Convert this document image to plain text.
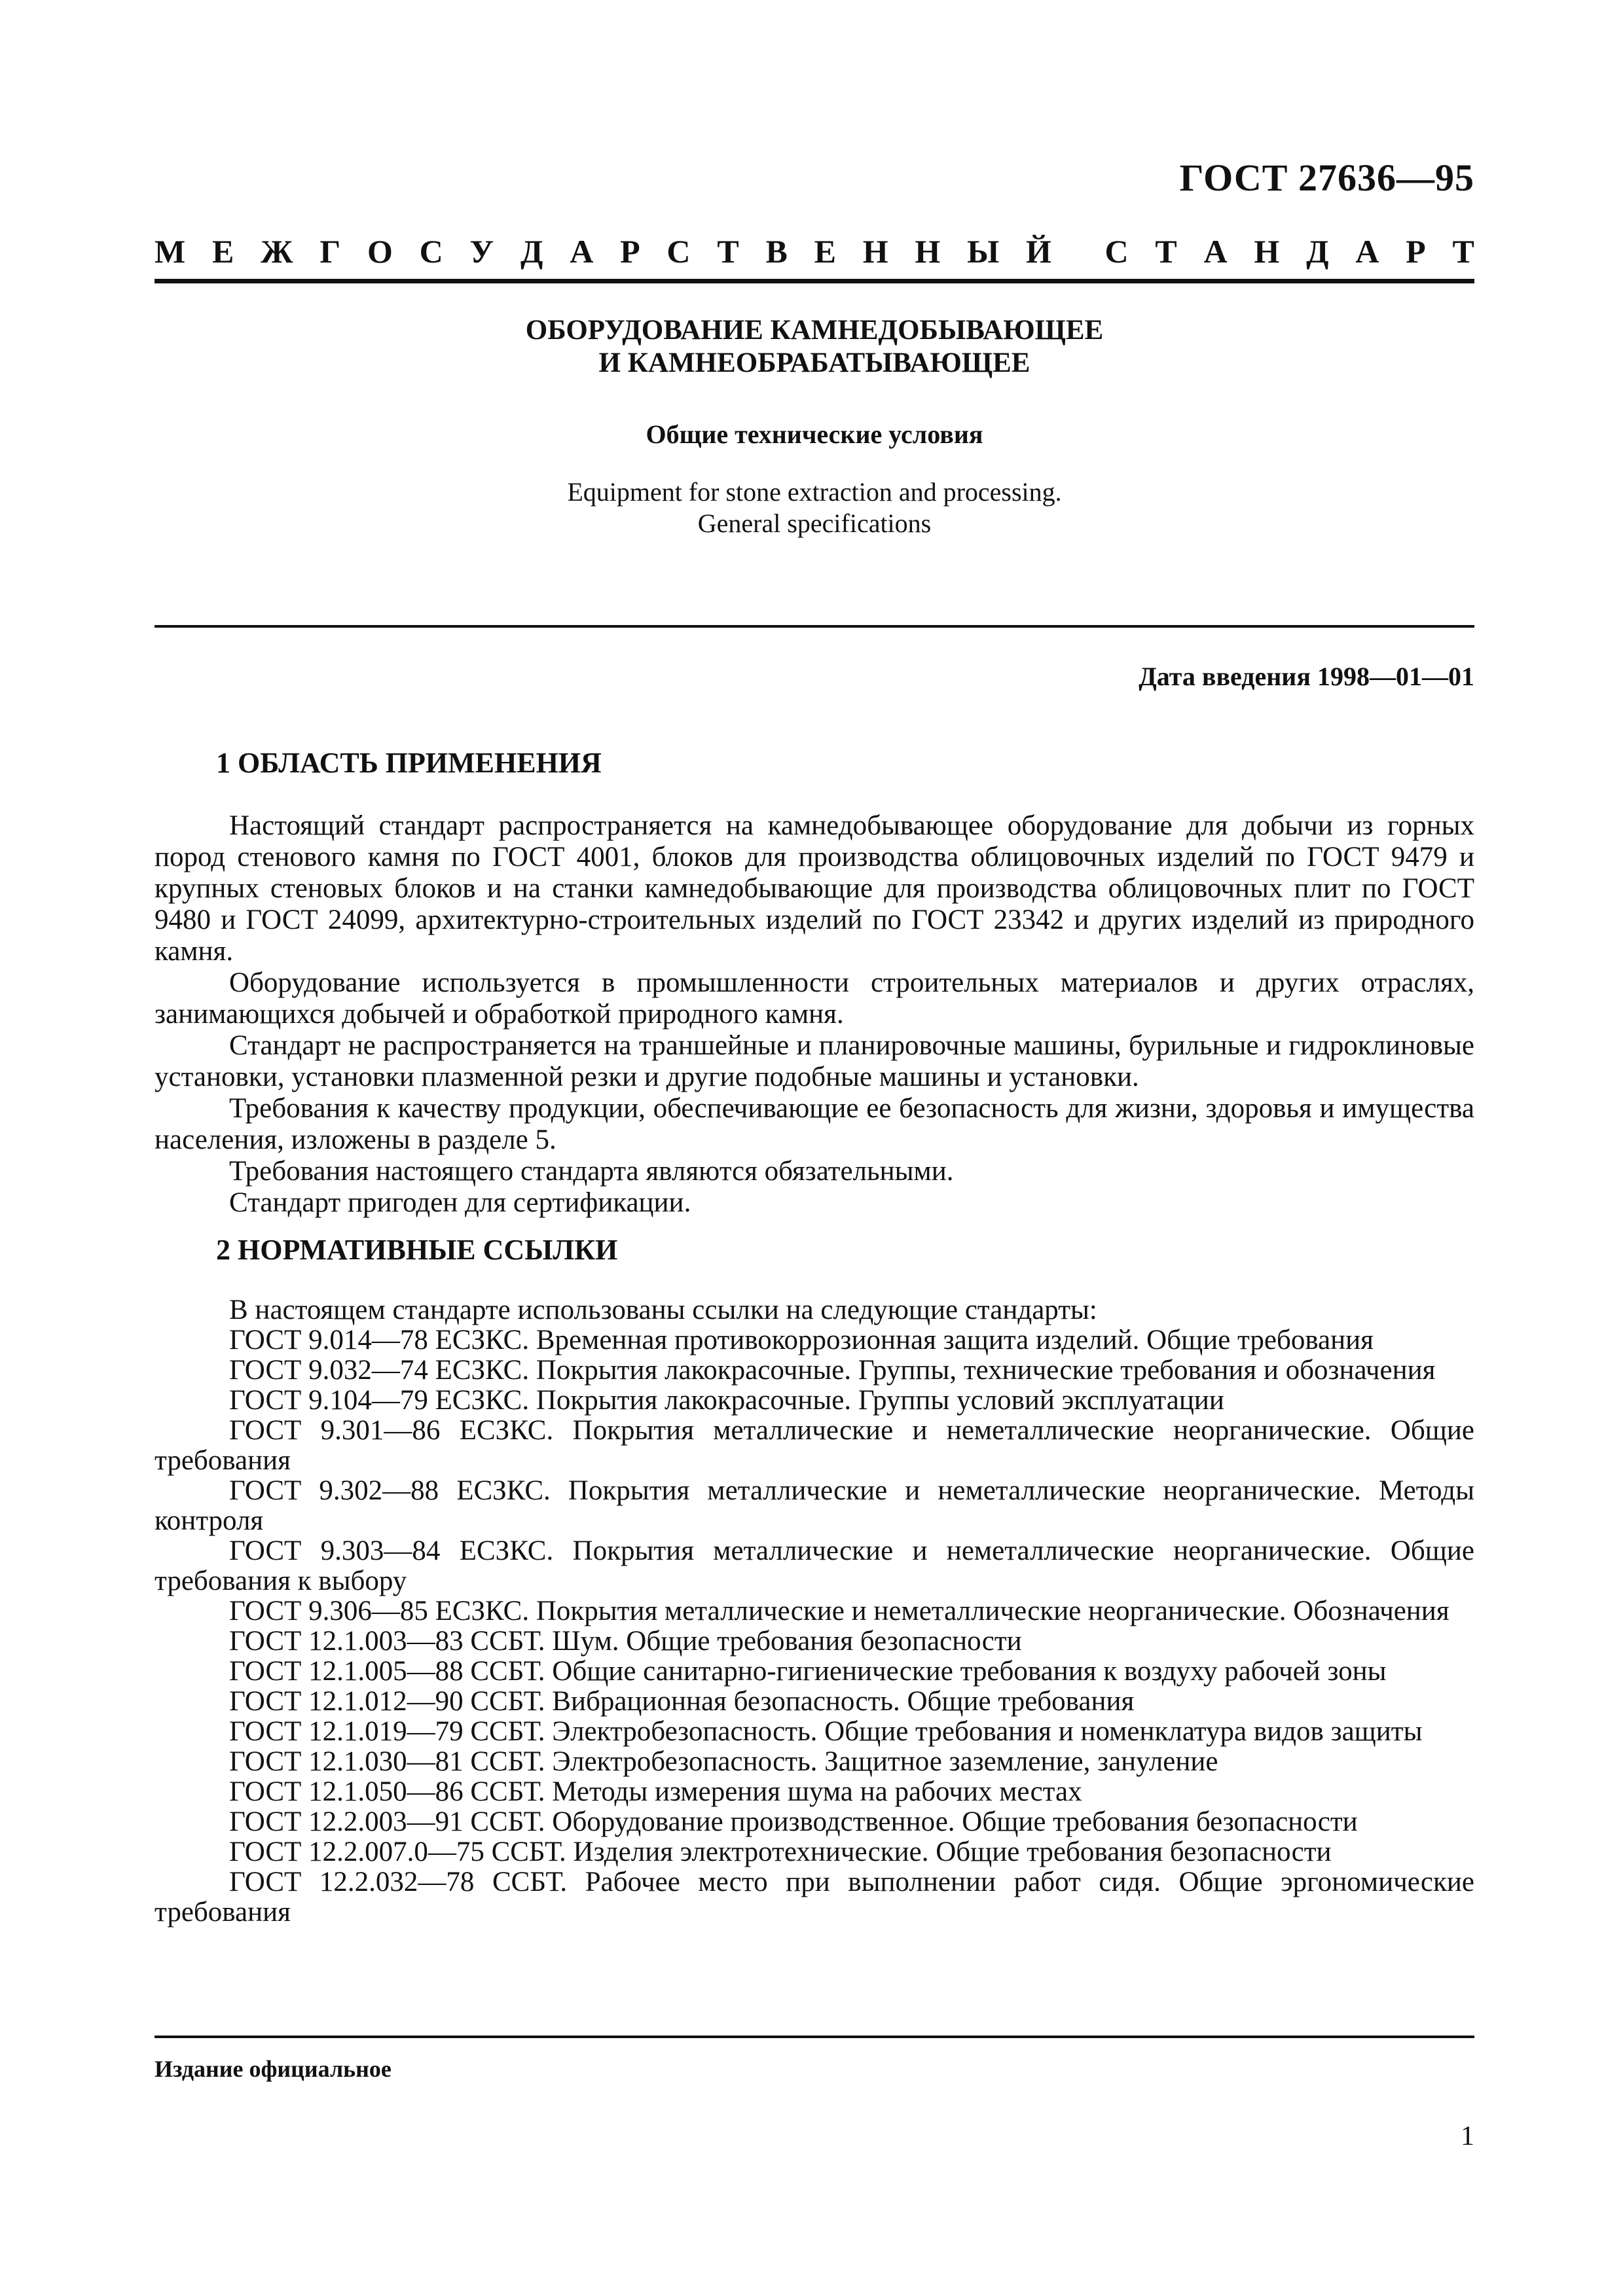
ГОСТ 27636—95
М Е Ж Г О С У Д А Р С Т В Е Н Н Ы Й С Т А Н Д А Р Т
ОБОРУДОВАНИЕ КАМНЕДОБЫВАЮЩЕЕ
И КАМНЕОБРАБАТЫВАЮЩЕЕ
Общие технические условия
Equipment for stone extraction and processing.
General specifications
Дата введения 1998—01—01
1 ОБЛАСТЬ ПРИМЕНЕНИЯ
Настоящий стандарт распространяется на камнедобывающее оборудование для добычи из горных пород стенового камня по ГОСТ 4001, блоков для производства облицовочных изделий по ГОСТ 9479 и крупных стеновых блоков и на станки камнедобывающие для производства облицовочных плит по ГОСТ 9480 и ГОСТ 24099, архитектурно-строительных изделий по ГОСТ 23342 и других изделий из природного камня.
Оборудование используется в промышленности строительных материалов и других отраслях, занимающихся добычей и обработкой природного камня.
Стандарт не распространяется на траншейные и планировочные машины, бурильные и гидроклиновые установки, установки плазменной резки и другие подобные машины и установки.
Требования к качеству продукции, обеспечивающие ее безопасность для жизни, здоровья и имущества населения, изложены в разделе 5.
Требования настоящего стандарта являются обязательными.
Стандарт пригоден для сертификации.
2 НОРМАТИВНЫЕ ССЫЛКИ

В настоящем стандарте использованы ссылки на следующие стандарты:

ГОСТ 9.014—78 ЕСЗКС. Временная противокоррозионная защита изделий. Общие требования

ГОСТ 9.032—74 ЕСЗКС. Покрытия лакокрасочные. Группы, технические требования и обозначения

ГОСТ 9.104—79 ЕСЗКС. Покрытия лакокрасочные. Группы условий эксплуатации

ГОСТ 9.301—86 ЕСЗКС. Покрытия металлические и неметаллические неорганические. Общие требования

ГОСТ 9.302—88 ЕСЗКС. Покрытия металлические и неметаллические неорганические. Методы контроля

ГОСТ 9.303—84 ЕСЗКС. Покрытия металлические и неметаллические неорганические. Общие требования к выбору

ГОСТ 9.306—85 ЕСЗКС. Покрытия металлические и неметаллические неорганические. Обозначения

ГОСТ 12.1.003—83 ССБТ. Шум. Общие требования безопасности

ГОСТ 12.1.005—88 ССБТ. Общие санитарно-гигиенические требования к воздуху рабочей зоны

ГОСТ 12.1.012—90 ССБТ. Вибрационная безопасность. Общие требования

ГОСТ 12.1.019—79 ССБТ. Электробезопасность. Общие требования и номенклатура видов защиты

ГОСТ 12.1.030—81 ССБТ. Электробезопасность. Защитное заземление, зануление

ГОСТ 12.1.050—86 ССБТ. Методы измерения шума на рабочих местах

ГОСТ 12.2.003—91 ССБТ. Оборудование производственное. Общие требования безопасности

ГОСТ 12.2.007.0—75 ССБТ. Изделия электротехнические. Общие требования безопасности

ГОСТ 12.2.032—78 ССБТ. Рабочее место при выполнении работ сидя. Общие эргономические требования

Издание официальное
1
